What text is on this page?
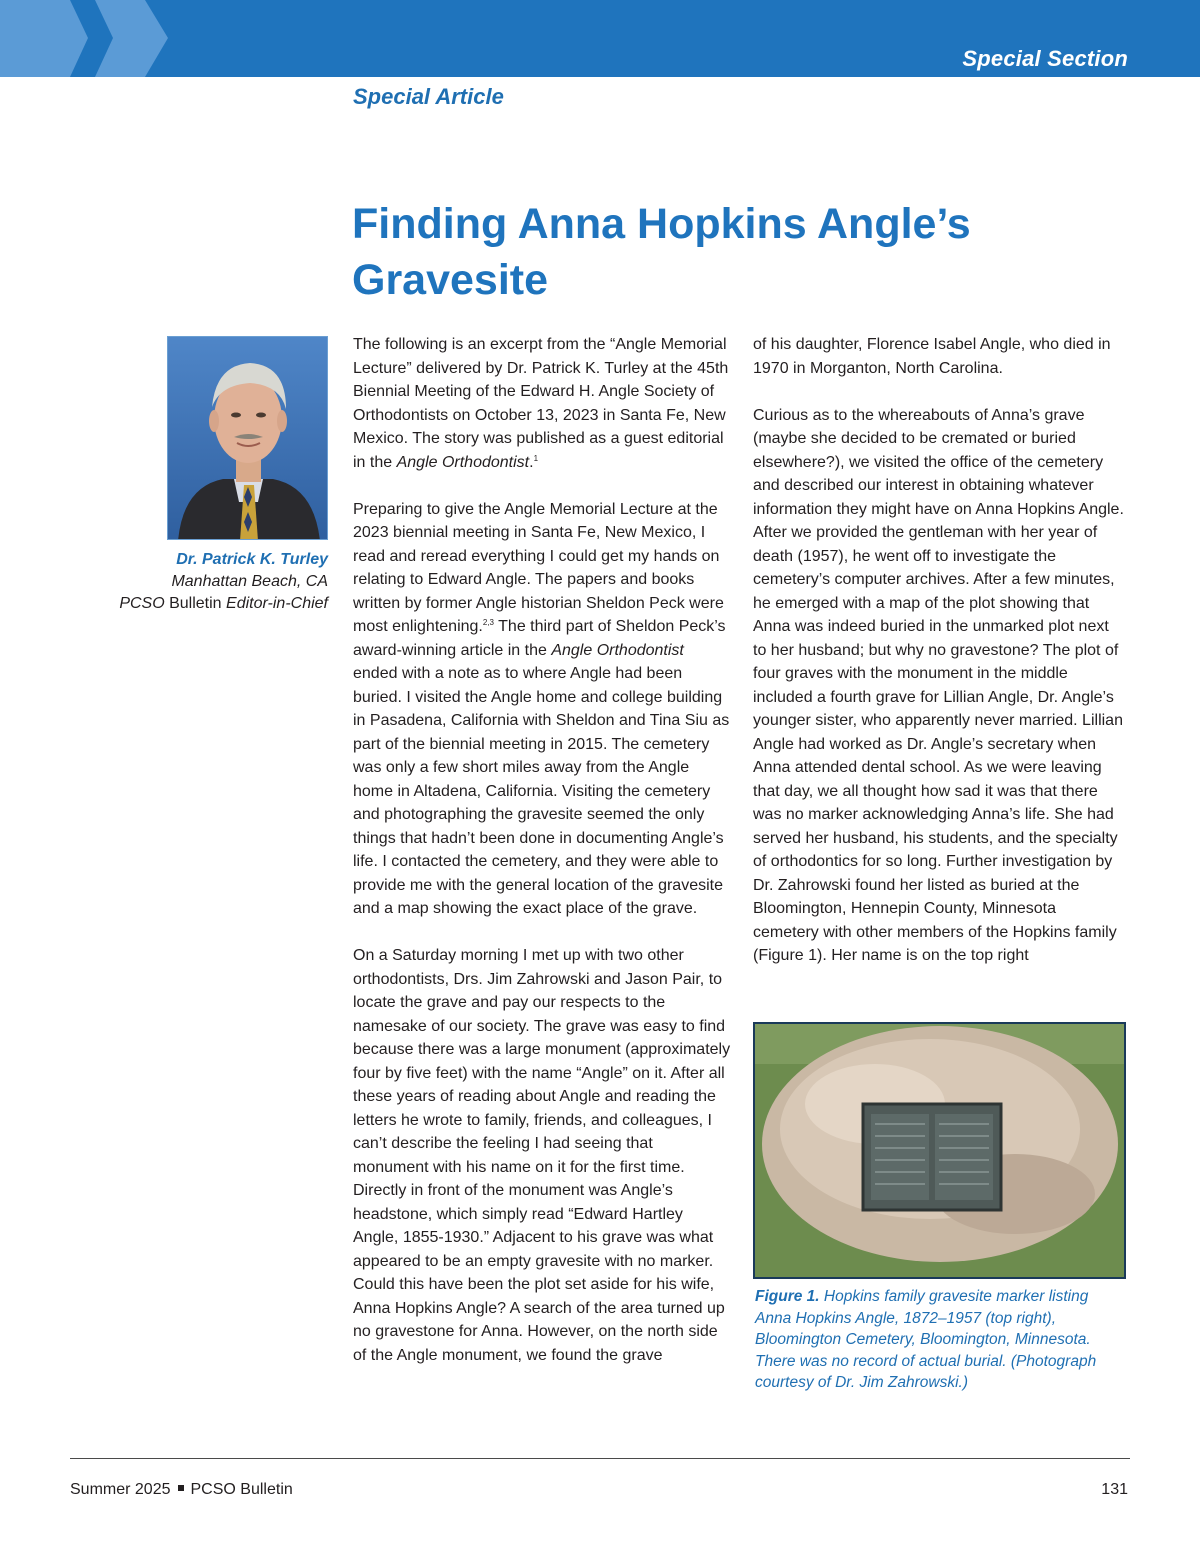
Special Section
Special Article
Finding Anna Hopkins Angle’s Gravesite
Dr. Patrick K. Turley
Manhattan Beach, CA
PCSO Bulletin Editor-in-Chief

The following is an excerpt from the “Angle Memorial Lecture” delivered by Dr. Patrick K. Turley at the 45th Biennial Meeting of the Edward H. Angle Society of Orthodontists on October 13, 2023 in Santa Fe, New Mexico. The story was published as a guest editorial in the Angle Orthodontist.$^1$

Preparing to give the Angle Memorial Lecture at the 2023 biennial meeting in Santa Fe, New Mexico, I read and reread everything I could get my hands on relating to Edward Angle. The papers and books written by former Angle historian Sheldon Peck were most enlightening.$^{2,3}$ The third part of Sheldon Peck’s award-winning article in the Angle Orthodontist ended with a note as to where Angle had been buried. I visited the Angle home and college building in Pasadena, California with Sheldon and Tina Siu as part of the biennial meeting in 2015. The cemetery was only a few short miles away from the Angle home in Altadena, California. Visiting the cemetery and photographing the gravesite seemed the only things that hadn’t been done in documenting Angle’s life. I contacted the cemetery, and they were able to provide me with the general location of the gravesite and a map showing the exact place of the grave.

On a Saturday morning I met up with two other orthodontists, Drs. Jim Zahrowski and Jason Pair, to locate the grave and pay our respects to the namesake of our society. The grave was easy to find because there was a large monument (approximately four by five feet) with the name “Angle” on it. After all these years of reading about Angle and reading the letters he wrote to family, friends, and colleagues, I can’t describe the feeling I had seeing that monument with his name on it for the first time. Directly in front of the monument was Angle’s headstone, which simply read “Edward Hartley Angle, 1855-1930.” Adjacent to his grave was what appeared to be an empty gravesite with no marker. Could this have been the plot set aside for his wife, Anna Hopkins Angle? A search of the area turned up no gravestone for Anna. However, on the north side of the Angle monument, we found the grave

of his daughter, Florence Isabel Angle, who died in 1970 in Morganton, North Carolina.

Curious as to the whereabouts of Anna’s grave (maybe she decided to be cremated or buried elsewhere?), we visited the office of the cemetery and described our interest in obtaining whatever information they might have on Anna Hopkins Angle. After we provided the gentleman with her year of death (1957), he went off to investigate the cemetery’s computer archives. After a few minutes, he emerged with a map of the plot showing that Anna was indeed buried in the unmarked plot next to her husband; but why no gravestone? The plot of four graves with the monument in the middle included a fourth grave for Lillian Angle, Dr. Angle’s younger sister, who apparently never married. Lillian Angle had worked as Dr. Angle’s secretary when Anna attended dental school. As we were leaving that day, we all thought how sad it was that there was no marker acknowledging Anna’s life. She had served her husband, his students, and the specialty of orthodontics for so long. Further investigation by Dr. Zahrowski found her listed as buried at the Bloomington, Hennepin County, Minnesota cemetery with other members of the Hopkins family (Figure 1). Her name is on the top right

Figure 1. Hopkins family gravesite marker listing Anna Hopkins Angle, 1872–1957 (top right), Bloomington Cemetery, Bloomington, Minnesota. There was no record of actual burial. (Photograph courtesy of Dr. Jim Zahrowski.)
Summer 2025 PCSO Bulletin	131
